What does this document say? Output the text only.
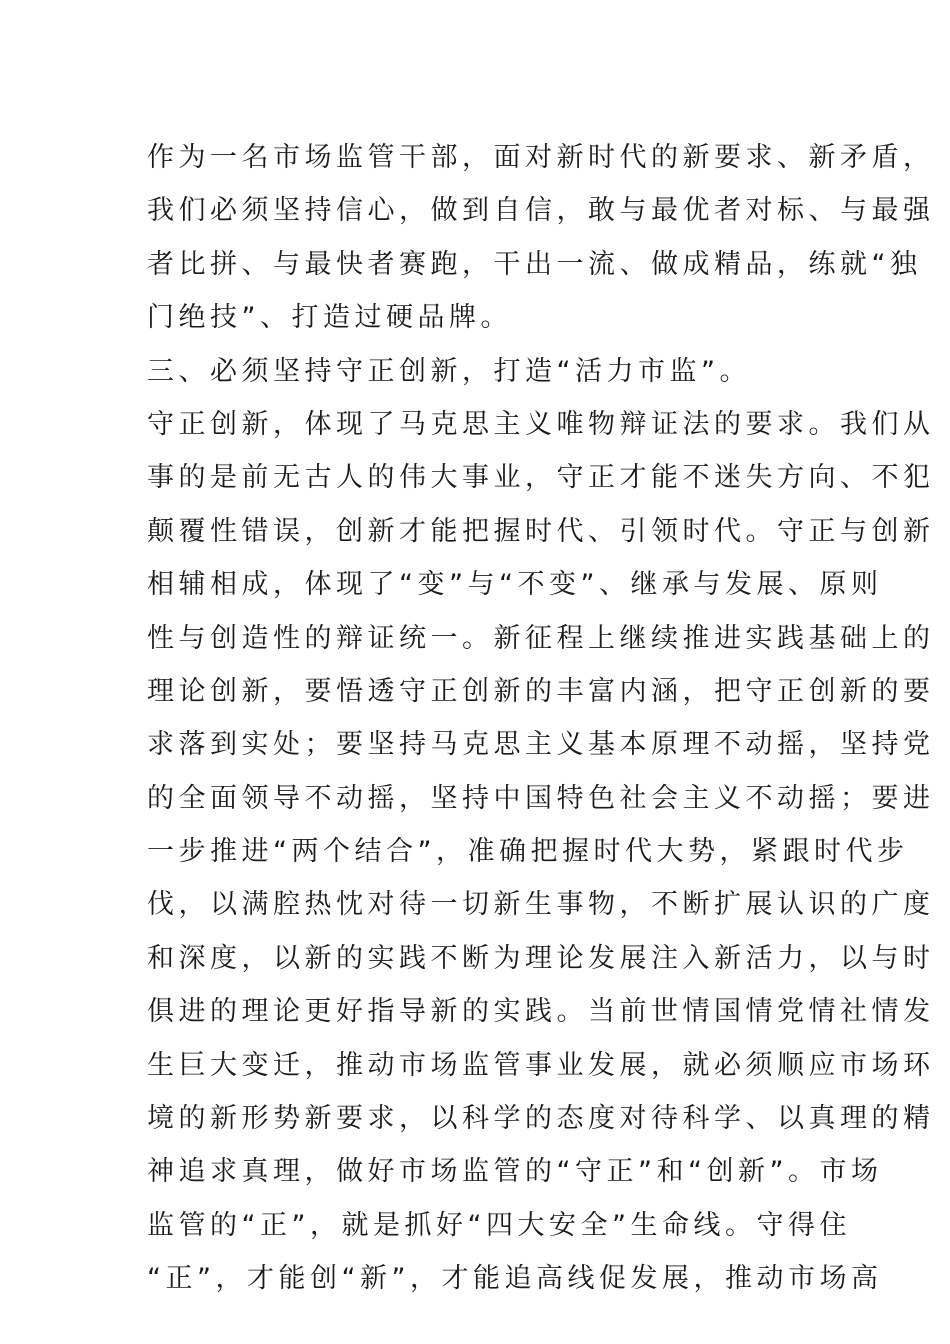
作为一名市场监管干部，面对新时代的新要求、新矛盾，
我们必须坚持信心，做到自信，敢与最优者对标、与最强
者比拼、与最快者赛跑，干出一流、做成精品，练就“独
门绝技”、打造过硬品牌。
三、必须坚持守正创新，打造“活力市监”。
守正创新，体现了马克思主义唯物辩证法的要求。我们从
事的是前无古人的伟大事业，守正才能不迷失方向、不犯
颠覆性错误，创新才能把握时代、引领时代。守正与创新
相辅相成，体现了“变”与“不变”、继承与发展、原则
性与创造性的辩证统一。新征程上继续推进实践基础上的
理论创新，要悟透守正创新的丰富内涵，把守正创新的要
求落到实处；要坚持马克思主义基本原理不动摇，坚持党
的全面领导不动摇，坚持中国特色社会主义不动摇；要进
一步推进“两个结合”，准确把握时代大势，紧跟时代步
伐，以满腔热忱对待一切新生事物，不断扩展认识的广度
和深度，以新的实践不断为理论发展注入新活力，以与时
俱进的理论更好指导新的实践。当前世情国情党情社情发
生巨大变迁，推动市场监管事业发展，就必须顺应市场环
境的新形势新要求，以科学的态度对待科学、以真理的精
神追求真理，做好市场监管的“守正”和“创新”。市场
监管的“正”，就是抓好“四大安全”生命线。守得住
“正”，才能创“新”，才能追高线促发展，推动市场高
